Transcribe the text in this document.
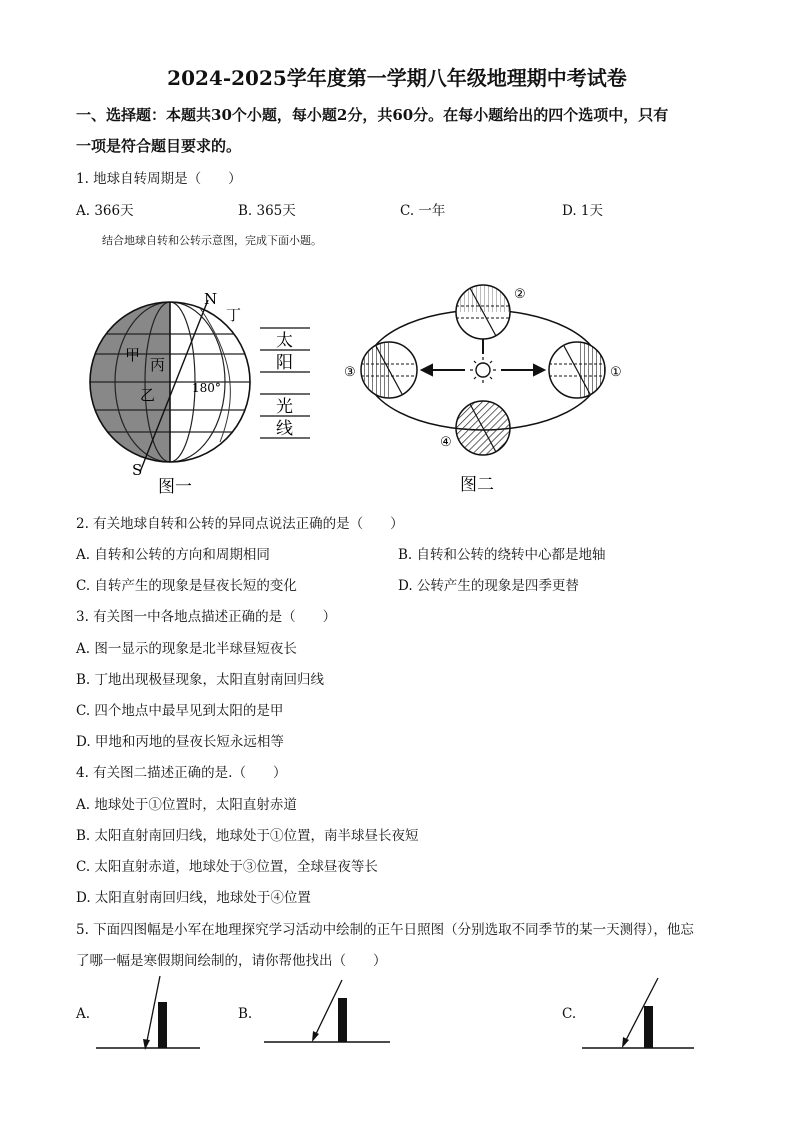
2024-2025学年度第一学期八年级地理期中考试卷
一、选择题：本题共30个小题，每小题2分，共60分。在每小题给出的四个选项中，只有
一项是符合题目要求的。
1. 地球自转周期是（　　）
A. 366天	B. 365天	C. 一年	D. 1天
结合地球自转和公转示意图，完成下面小题。
N
S
丁
甲
丙
乙	180°
太
阳
光
线
图一
②
①
③
④
图二
2. 有关地球自转和公转的异同点说法正确的是（　　）
A. 自转和公转的方向和周期相同	B. 自转和公转的绕转中心都是地轴
C. 自转产生的现象是昼夜长短的变化	D. 公转产生的现象是四季更替
3. 有关图一中各地点描述正确的是（　　）
A. 图一显示的现象是北半球昼短夜长
B. 丁地出现极昼现象，太阳直射南回归线
C. 四个地点中最早见到太阳的是甲
D. 甲地和丙地的昼夜长短永远相等
4. 有关图二描述正确的是.（　　）
A. 地球处于①位置时，太阳直射赤道
B. 太阳直射南回归线，地球处于①位置，南半球昼长夜短
C. 太阳直射赤道，地球处于③位置，全球昼夜等长
D. 太阳直射南回归线，地球处于④位置
5. 下面四图幅是小军在地理探究学习活动中绘制的正午日照图（分别选取不同季节的某一天测得），他忘
了哪一幅是寒假期间绘制的，请你帮他找出（　　）
A.	B.	C.
